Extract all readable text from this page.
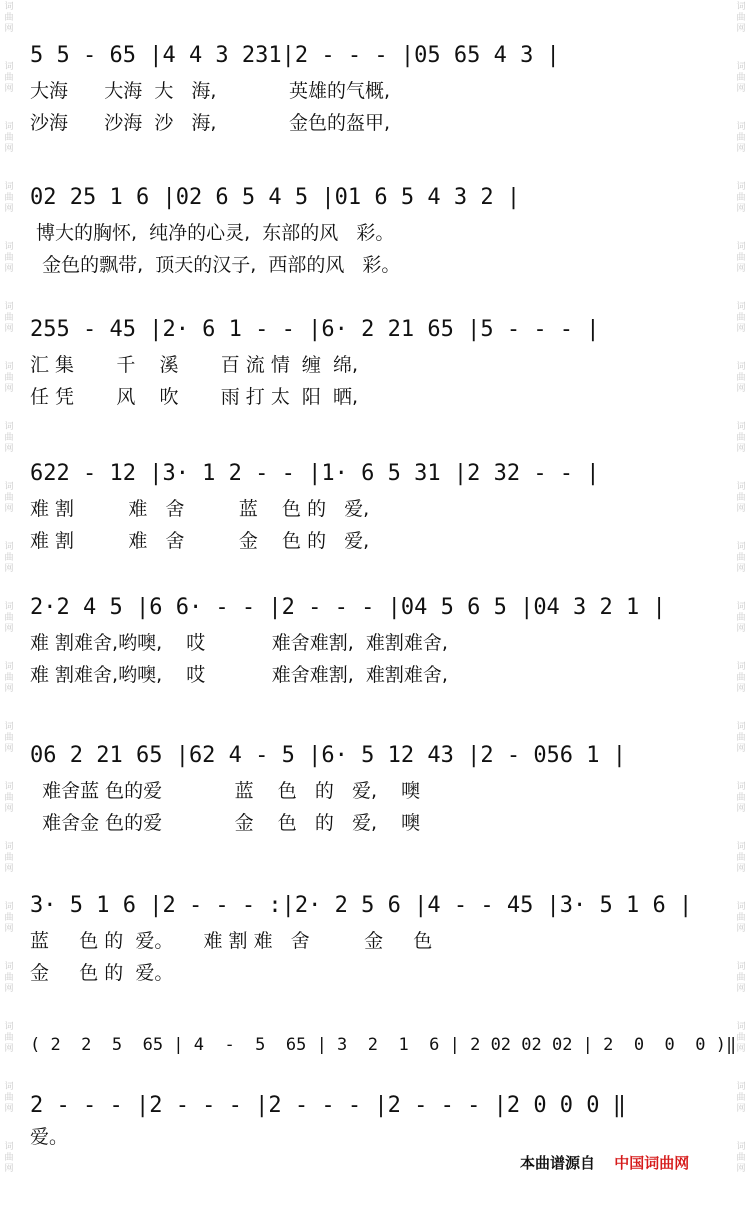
词
曲
网
词
曲
网
词
曲
网
词
曲
网
词
曲
网
词
曲
网
词
曲
网
词
曲
网
词
曲
网
词
曲
网
词
曲
网
词
曲
网
词
曲
网
词
曲
网
词
曲
网
词
曲
网
词
曲
网
词
曲
网
词
曲
网
词
曲
网
词
曲
网
词
曲
网
词
曲
网
词
曲
网
词
曲
网
词
曲
网
词
曲
网
词
曲
网
词
曲
网
词
曲
网
词
曲
网
词
曲
网
词
曲
网
词
曲
网
词
曲
网
词
曲
网
词
曲
网
词
曲
网
词
曲
网
词
曲
网
5 5 - 65 |4 4 3 231|2 - - - |05 65 4 3 |
大海      大海  大   海,            英雄的气概,
沙海      沙海  沙   海,            金色的盔甲,
02 25 1 6 |02 6 5 4 5 |01 6 5 4 3 2 |
博大的胸怀,  纯净的心灵,  东部的风   彩。
金色的飘带,  顶天的汉子,  西部的风   彩。
255 - 45 |2· 6 1 - - |6· 2 21 65 |5 - - - |
汇 集       千    溪       百 流 情  缠  绵,
任 凭       风    吹       雨 打 太  阳  晒,
622 - 12 |3· 1 2 - - |1· 6 5 31 |2 32 - - |
难 割         难   舍         蓝    色 的   爱,
难 割         难   舍         金    色 的   爱,
2·2 4 5 |6 6· - - |2 - - - |04 5 6 5 |04 3 2 1 |
难 割难舍,哟噢,    哎           难舍难割,  难割难舍,
难 割难舍,哟噢,    哎           难舍难割,  难割难舍,
06 2 21 65 |62 4 - 5 |6· 5 12 43 |2 - 056 1 |
难舍蓝 色的爱            蓝    色   的   爱,    噢
难舍金 色的爱            金    色   的   爱,    噢
3· 5 1 6 |2 - - - :|2· 2 5 6 |4 - - 45 |3· 5 1 6 |
蓝     色 的  爱。     难 割 难   舍         金     色
金     色 的  爱。
( 2  2  5  65 | 4  -  5  65 | 3  2  1  6 | 2 02 02 02 | 2  0  0  0 )‖
2 - - - |2 - - - |2 - - - |2 - - - |2 0 0 0 ‖
爱。
本曲谱源自 中国词曲网
